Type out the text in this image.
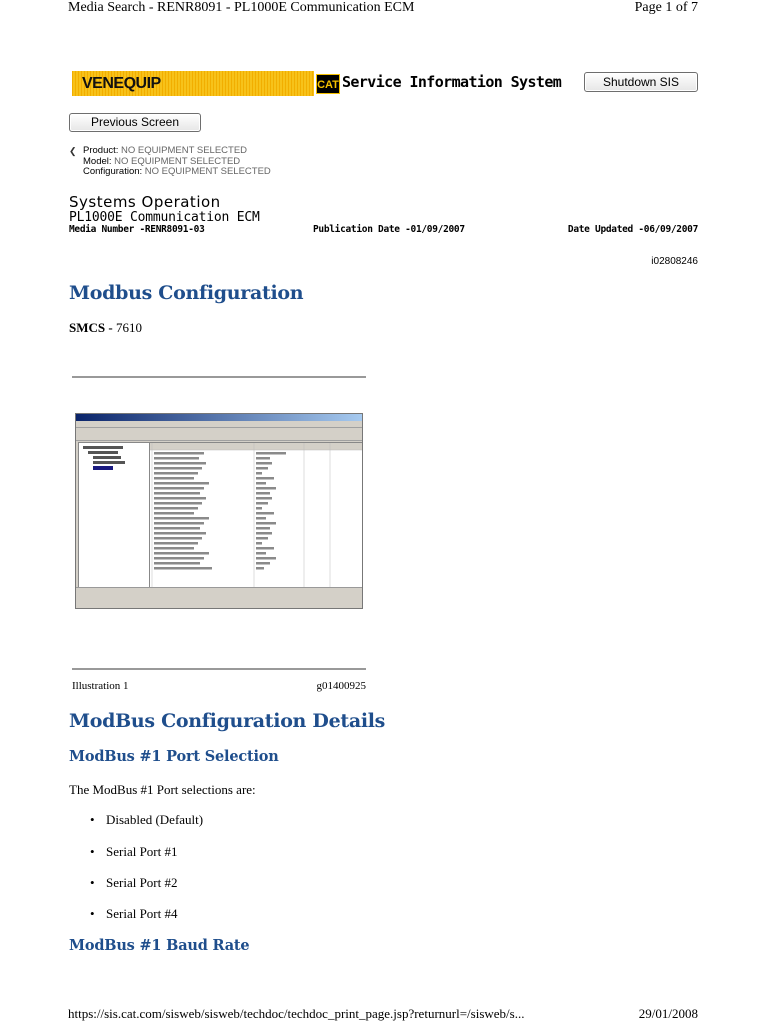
Media Search - RENR8091 - PL1000E Communication ECM	Page 1 of 7
VENEQUIP	CAT Service Information System	Shutdown SIS
Previous Screen
❮ Product: NO EQUIPMENT SELECTED
Model: NO EQUIPMENT SELECTED
Configuration: NO EQUIPMENT SELECTED
Systems Operation
PL1000E Communication ECM
Media Number -RENR8091-03	Publication Date -01/09/2007	Date Updated -06/09/2007
i02808246
Modbus Configuration
SMCS - 7610
Illustration 1	g01400925
ModBus Configuration Details
ModBus #1 Port Selection
The ModBus #1 Port selections are:
• Disabled (Default)
• Serial Port #1
• Serial Port #2
• Serial Port #4
ModBus #1 Baud Rate
https://sis.cat.com/sisweb/sisweb/techdoc/techdoc_print_page.jsp?returnurl=/sisweb/s...	29/01/2008
